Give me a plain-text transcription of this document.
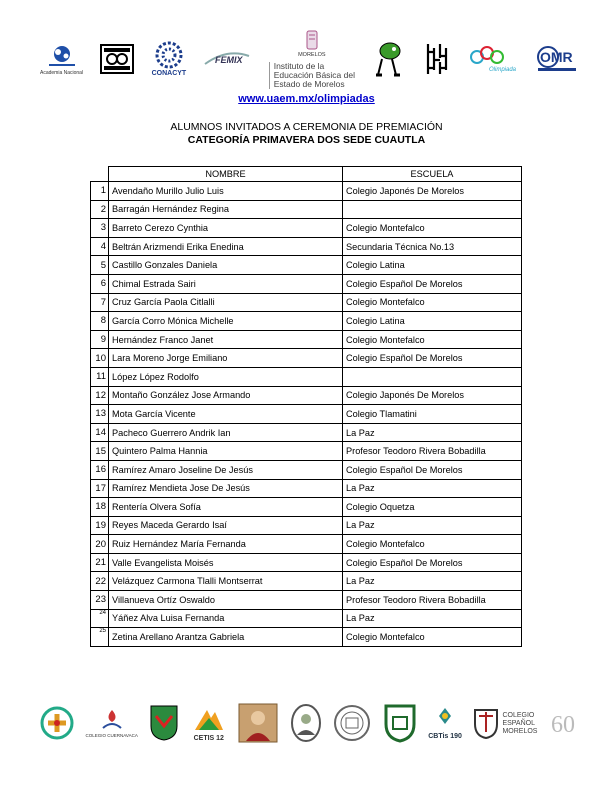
Academia Nacional	CONACYT
FEMIX	MORELOS
Instituto de la
Educación Básica del
Estado de Morelos
Olimpiada
OMR
www.uaem.mx/olimpiadas
ALUMNOS INVITADOS A CEREMONIA DE PREMIACIÓN
CATEGORÍA PRIMAVERA DOS SEDE CUAUTLA
	NOMBRE	ESCUELA
1	Avendaño Murillo Julio Luis	Colegio Japonés De Morelos
2	Barragán Hernández Regina	
3	Barreto Cerezo Cynthia	Colegio Montefalco
4	Beltrán Arizmendi Erika Enedina	Secundaria Técnica No.13
5	Castillo Gonzales Daniela	Colegio Latina
6	Chimal Estrada Sairi	Colegio Español De Morelos
7	Cruz García Paola Citlalli	Colegio Montefalco
8	García Corro Mónica Michelle	Colegio Latina
9	Hernández Franco Janet	Colegio Montefalco
10	Lara Moreno Jorge Emiliano	Colegio Español De Morelos
11	López López Rodolfo	
12	Montaño González Jose Armando	Colegio Japonés De Morelos
13	Mota García Vicente	Colegio Tlamatini
14	Pacheco Guerrero Andrik Ian	La Paz
15	Quintero Palma Hannia	Profesor Teodoro Rivera Bobadilla
16	Ramírez Amaro Joseline De Jesús	Colegio Español De Morelos
17	Ramírez Mendieta Jose De Jesús	La Paz
18	Rentería Olvera Sofía	Colegio Oquetza
19	Reyes Maceda Gerardo Isaí	La Paz
20	Ruiz Hernández María Fernanda	Colegio Montefalco
21	Valle Evangelista Moisés	Colegio Español De Morelos
22	Velázquez Carmona Tlalli Montserrat	La Paz
23	Villanueva Ortíz Oswaldo	Profesor Teodoro Rivera Bobadilla
24	Yáñez Alva Luisa Fernanda	La Paz
25	Zetina Arellano Arantza Gabriela	Colegio Montefalco
COLEGIO CUERNAVACA	CETIS 12	CBTis 190
COLEGIO ESPAÑOL MORELOS 60
